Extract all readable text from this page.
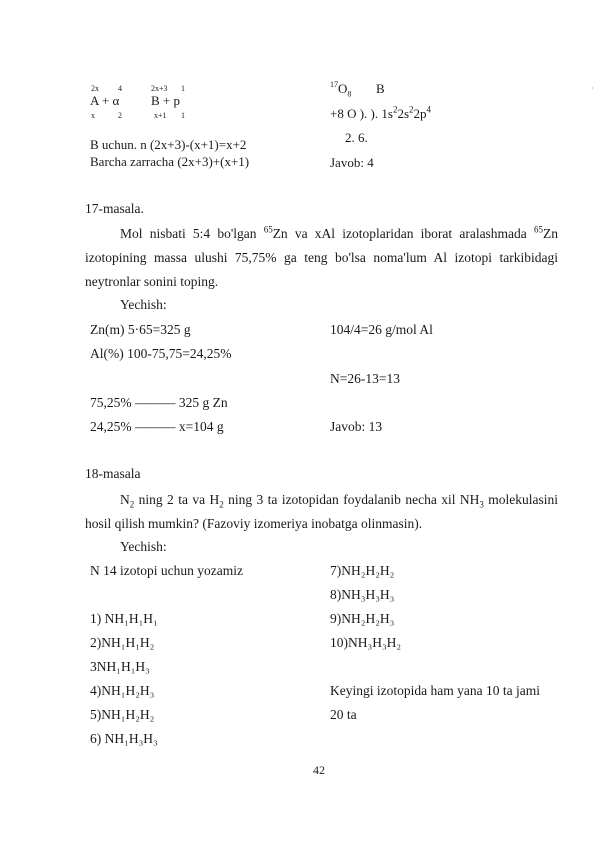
2x 4	2x+3 1
A + α B + p
x	2	x+1 1
B uchun. n (2x+3)-(x+1)=x+2
Barcha zarracha (2x+3)+(x+1)
$^{17}O_8$ B
+8 O ). ). $1s^22s^22p^4$
2. 6.
Javob: 4
·
17-masala.
Mol nisbati 5:4 bo'lgan $^{65}$Zn va xAl izotoplaridan iborat aralashmada $^{65}$Zn izotopining massa ulushi 75,75% ga teng bo'lsa noma'lum Al izotopi tarkibidagi neytronlar sonini toping.
Yechish:
Zn(m) 5·65=325 g	104/4=26 g/mol Al
Al(%) 100-75,75=24,25%
N=26-13=13
75,25% ——— 325 g Zn
24,25% ——— x=104 g	Javob: 13
18-masala
$N_2$ ning 2 ta va $H_2$ ning 3 ta izotopidan foydalanib necha xil $NH_3$ molekulasini hosil qilish mumkin? (Fazoviy izomeriya inobatga olinmasin).
Yechish:
N 14 izotopi uchun yozamiz	7)NH₂H₂H₂
8)NH₃H₃H₃
1) NH₁H₁H₁	9)NH₂H₂H₃
2)NH₁H₁H₂	10)NH₃H₃H₂
3NH₁H₁H₃
4)NH₁H₂H₃	Keyingi izotopida ham yana 10 ta jami
5)NH₁H₂H₂	20 ta
6) NH₁H₃H₃
42
